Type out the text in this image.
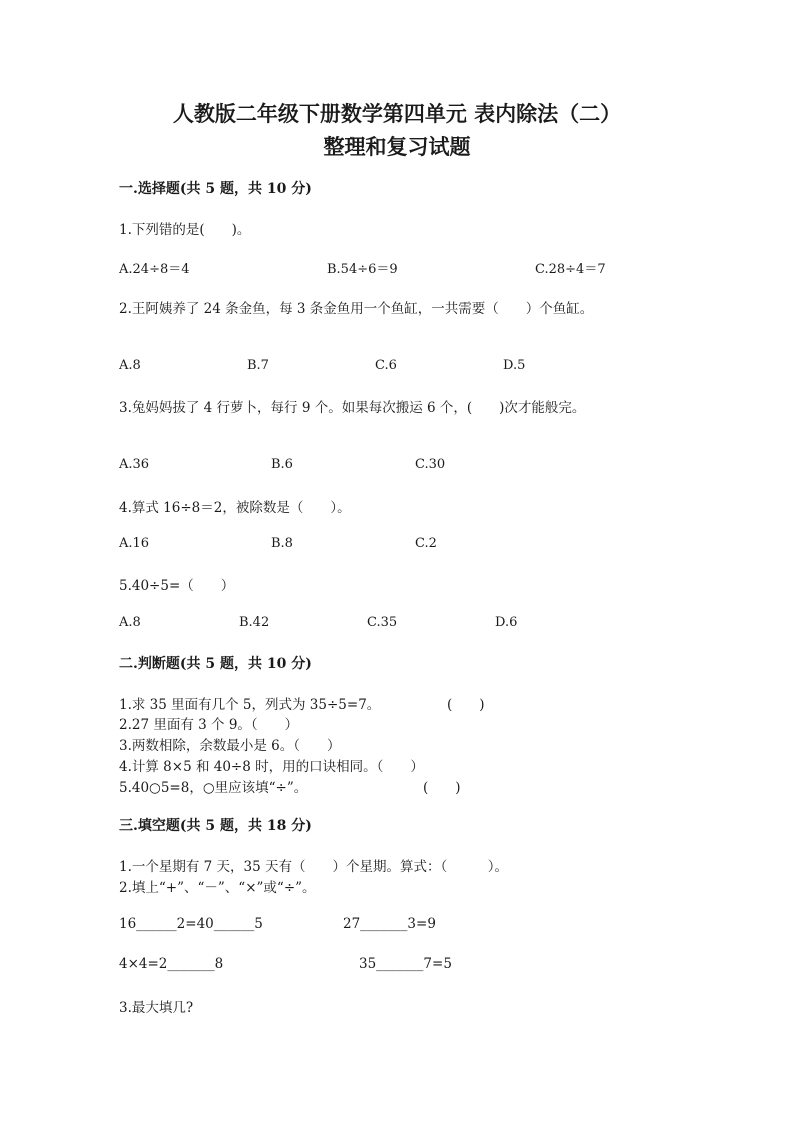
人教版二年级下册数学第四单元 表内除法（二）
整理和复习试题
一.选择题(共 5 题，共 10 分)
1.下列错的是(　　)。
A.24÷8＝4	B.54÷6＝9	C.28÷4＝7
2.王阿姨养了 24 条金鱼，每 3 条金鱼用一个鱼缸，一共需要（　　）个鱼缸。
A.8	B.7	C.6	D.5
3.兔妈妈拔了 4 行萝卜，每行 9 个。如果每次搬运 6 个，(　　)次才能般完。
A.36	B.6	C.30
4.算式 16÷8＝2，被除数是（　　）。
A.16	B.8	C.2
5.40÷5=（　　）
A.8	B.42	C.35	D.6
二.判断题(共 5 题，共 10 分)
1.求 35 里面有几个 5，列式为 35÷5=7。	(　　)
2.27 里面有 3 个 9。（　　）
3.两数相除，余数最小是 6。（　　）
4.计算 8×5 和 40÷8 时，用的口诀相同。（　　）
5.40○5=8，○里应该填“÷”。	(　　)
三.填空题(共 5 题，共 18 分)
1.一个星期有 7 天，35 天有（　　）个星期。算式：（　　　）。
2.填上“+”、“－”、“×”或“÷”。
16______2=40______5	27_______3=9
4×4=2_______8	35_______7=5
3.最大填几?
